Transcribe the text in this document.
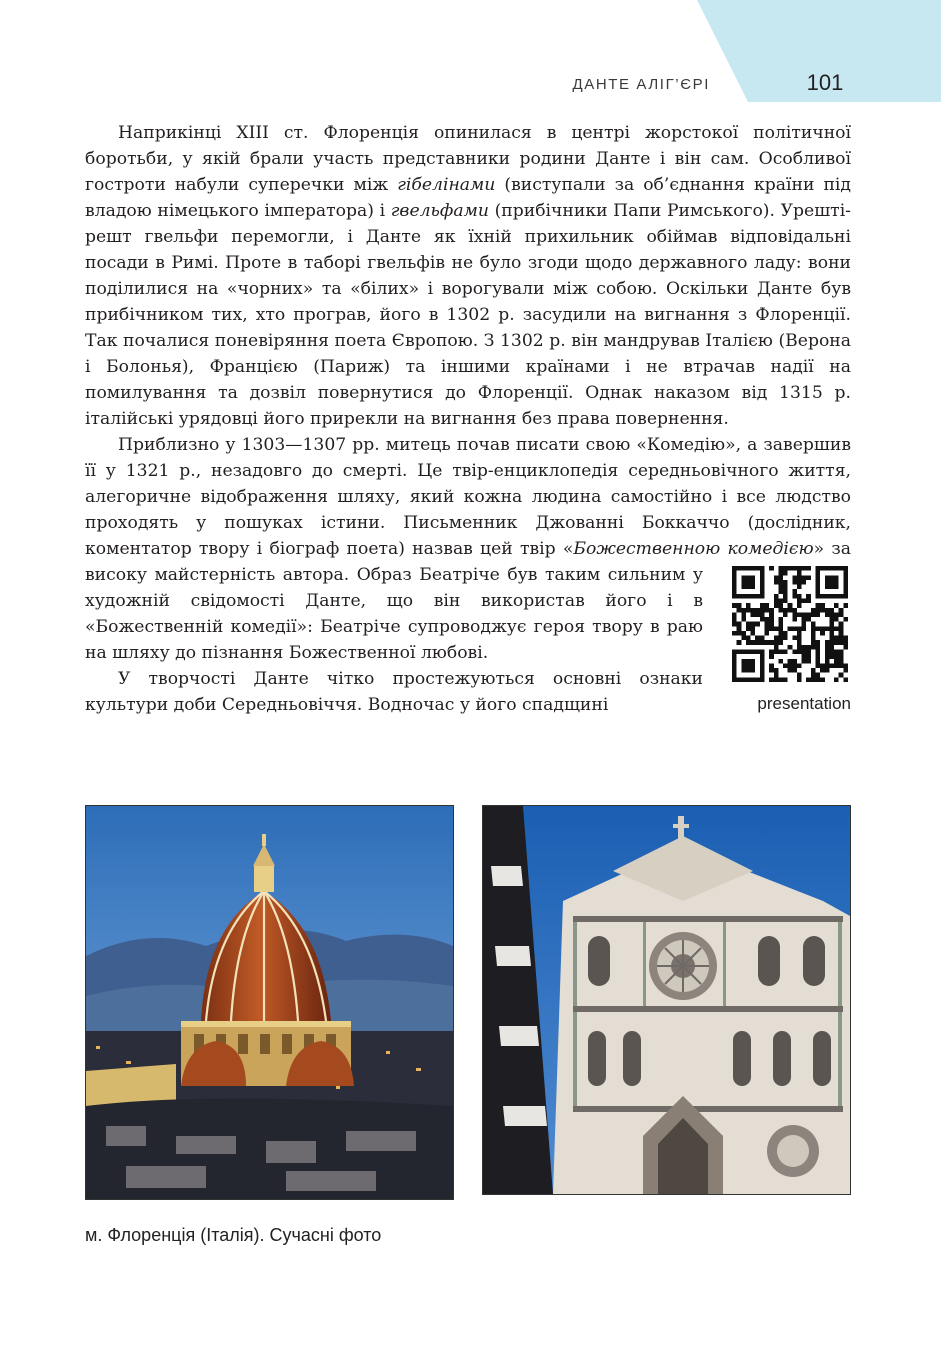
ДАНТЕ АЛІГ’ЄРІ	101

Наприкінці XIII ст. Флоренція опинилася в центрі жорстокої політичної боротьби, у якій брали участь представники родини Данте і він сам. Особливої гостроти набули суперечки між гібелінами (виступали за об’єднання країни під владою німецького імператора) і гвельфами (прибічники Папи Римського). Урешті-решт гвельфи перемогли, і Данте як їхній прихильник обіймав відповідальні посади в Римі. Проте в таборі гвельфів не було згоди щодо державного ладу: вони поділилися на «чорних» та «білих» і ворогували між собою. Оскільки Данте був прибічником тих, хто програв, його в 1302 р. засудили на вигнання з Флоренції. Так почалися поневіряння поета Європою. З 1302 р. він мандрував Італією (Верона і Болонья), Францією (Париж) та іншими країнами і не втрачав надії на помилування та дозвіл повернутися до Флоренції. Однак наказом від 1315 р. італійські урядовці його прирекли на вигнання без права повернення.

Приблизно у 1303—1307 рр. митець почав писати свою «Комедію», а завершив її у 1321 р., незадовго до смерті. Це твір-енциклопедія середньовічного життя, алегоричне відображення шляху, який кожна людина самостійно і все людство проходять у пошуках істини. Письменник Джованні Боккаччо (дослідник, коментатор твору і біограф поета) назвав цей твір «Божественною комедією
presentation
» за високу майстерність автора. Образ Беатріче був таким сильним у художній свідомості Данте, що він використав його і в «Божественній комедії»: Беатріче супроводжує героя твору в раю на шляху до пізнання Божественної любові.

У творчості Данте чітко простежуються основні ознаки культури доби Середньовіччя. Водночас у його спадщині

м. Флоренція (Італія). Сучасні фото
